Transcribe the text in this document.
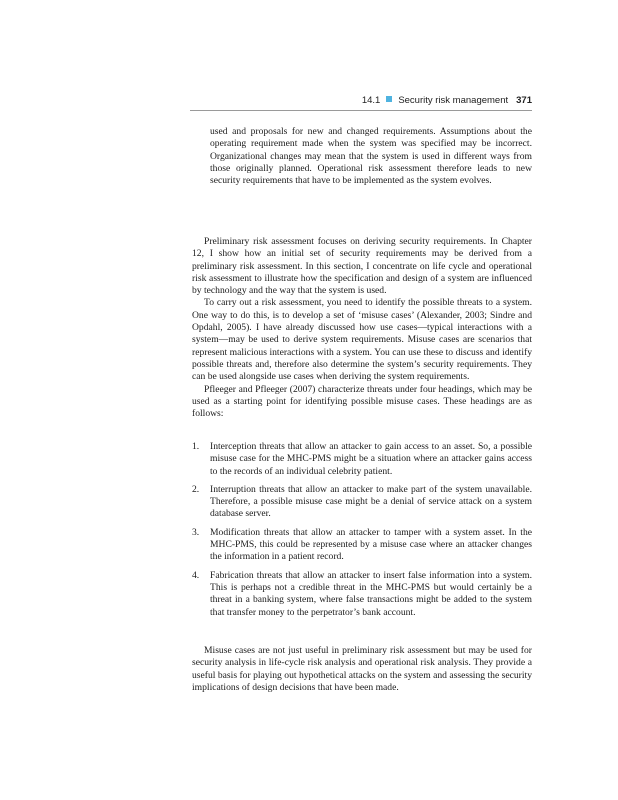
14.1 Security risk management 371
used and proposals for new and changed requirements. Assumptions about the operating requirement made when the system was specified may be incorrect. Organizational changes may mean that the system is used in different ways from those originally planned. Operational risk assessment therefore leads to new security requirements that have to be implemented as the system evolves.

Preliminary risk assessment focuses on deriving security requirements. In Chapter 12, I show how an initial set of security requirements may be derived from a preliminary risk assessment. In this section, I concentrate on life cycle and operational risk assessment to illustrate how the specification and design of a system are influenced by technology and the way that the system is used.

To carry out a risk assessment, you need to identify the possible threats to a system. One way to do this, is to develop a set of ‘misuse cases’ (Alexander, 2003; Sindre and Opdahl, 2005). I have already discussed how use cases—typical interactions with a system—may be used to derive system requirements. Misuse cases are scenarios that represent malicious interactions with a system. You can use these to discuss and identify possible threats and, therefore also determine the system’s security requirements. They can be used alongside use cases when deriving the system requirements.

Pfleeger and Pfleeger (2007) characterize threats under four headings, which may be used as a starting point for identifying possible misuse cases. These headings are as follows:

1. Interception threats that allow an attacker to gain access to an asset. So, a possible misuse case for the MHC-PMS might be a situation where an attacker gains access to the records of an individual celebrity patient.
2. Interruption threats that allow an attacker to make part of the system unavailable. Therefore, a possible misuse case might be a denial of service attack on a system database server.
3. Modification threats that allow an attacker to tamper with a system asset. In the MHC-PMS, this could be represented by a misuse case where an attacker changes the information in a patient record.
4. Fabrication threats that allow an attacker to insert false information into a system. This is perhaps not a credible threat in the MHC-PMS but would certainly be a threat in a banking system, where false transactions might be added to the system that transfer money to the perpetrator’s bank account.

Misuse cases are not just useful in preliminary risk assessment but may be used for security analysis in life-cycle risk analysis and operational risk analysis. They provide a useful basis for playing out hypothetical attacks on the system and assessing the security implications of design decisions that have been made.
